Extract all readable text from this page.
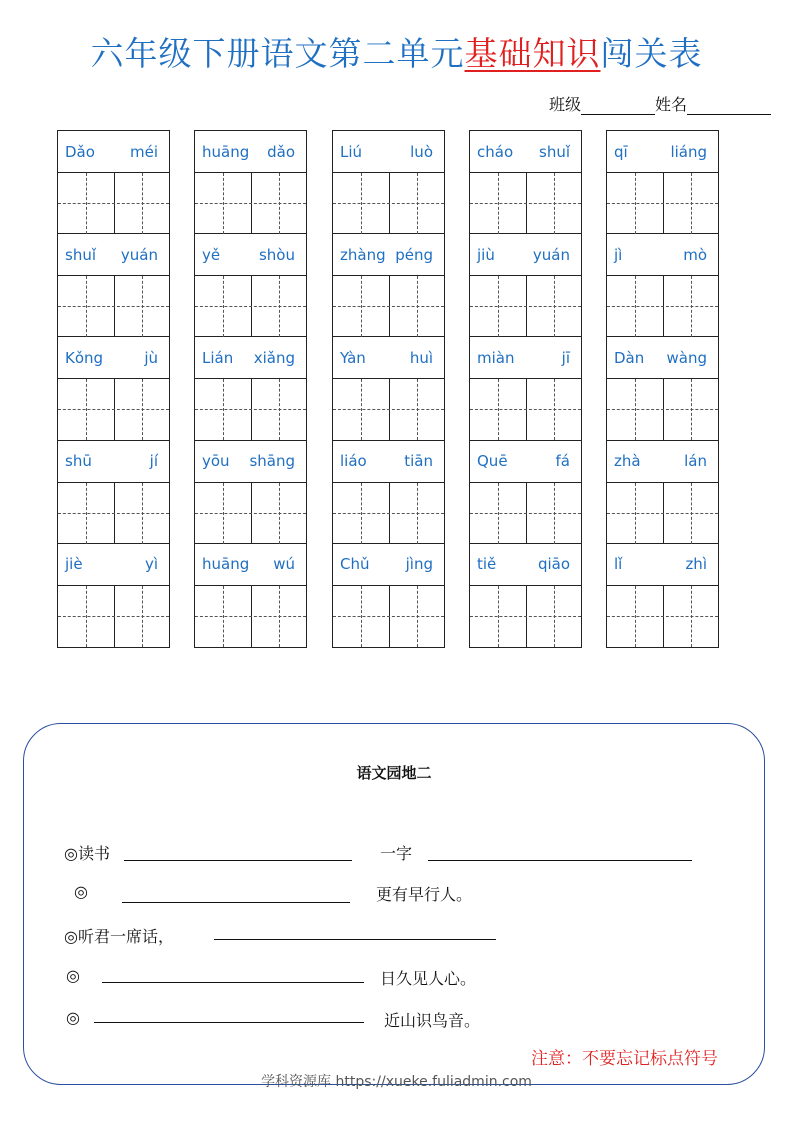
六年级下册语文第二单元基础知识闯关表
班级	姓名
Dǎo méi
shuǐ yuán
Kǒng	jù
shū	jí
jiè	yì
huāng dǎo
yě	shòu
Lián xiǎng
yōu shāng
huāng wú
Liú	luò
zhàng péng
Yàn	huì
liáo	tiān
Chǔ jìng
cháo shuǐ
jiù	yuán
miàn	jī
Quē	fá
tiě	qiāo
qī	liáng
jì	mò
Dàn wàng
zhà	lán
lǐ	zhì
语文园地二
◎读书	一字
◎	更有早行人。
◎听君一席话，
◎	日久见人心。
◎	近山识鸟音。
注意：不要忘记标点符号
学科资源库 https://xueke.fuliadmin.com
